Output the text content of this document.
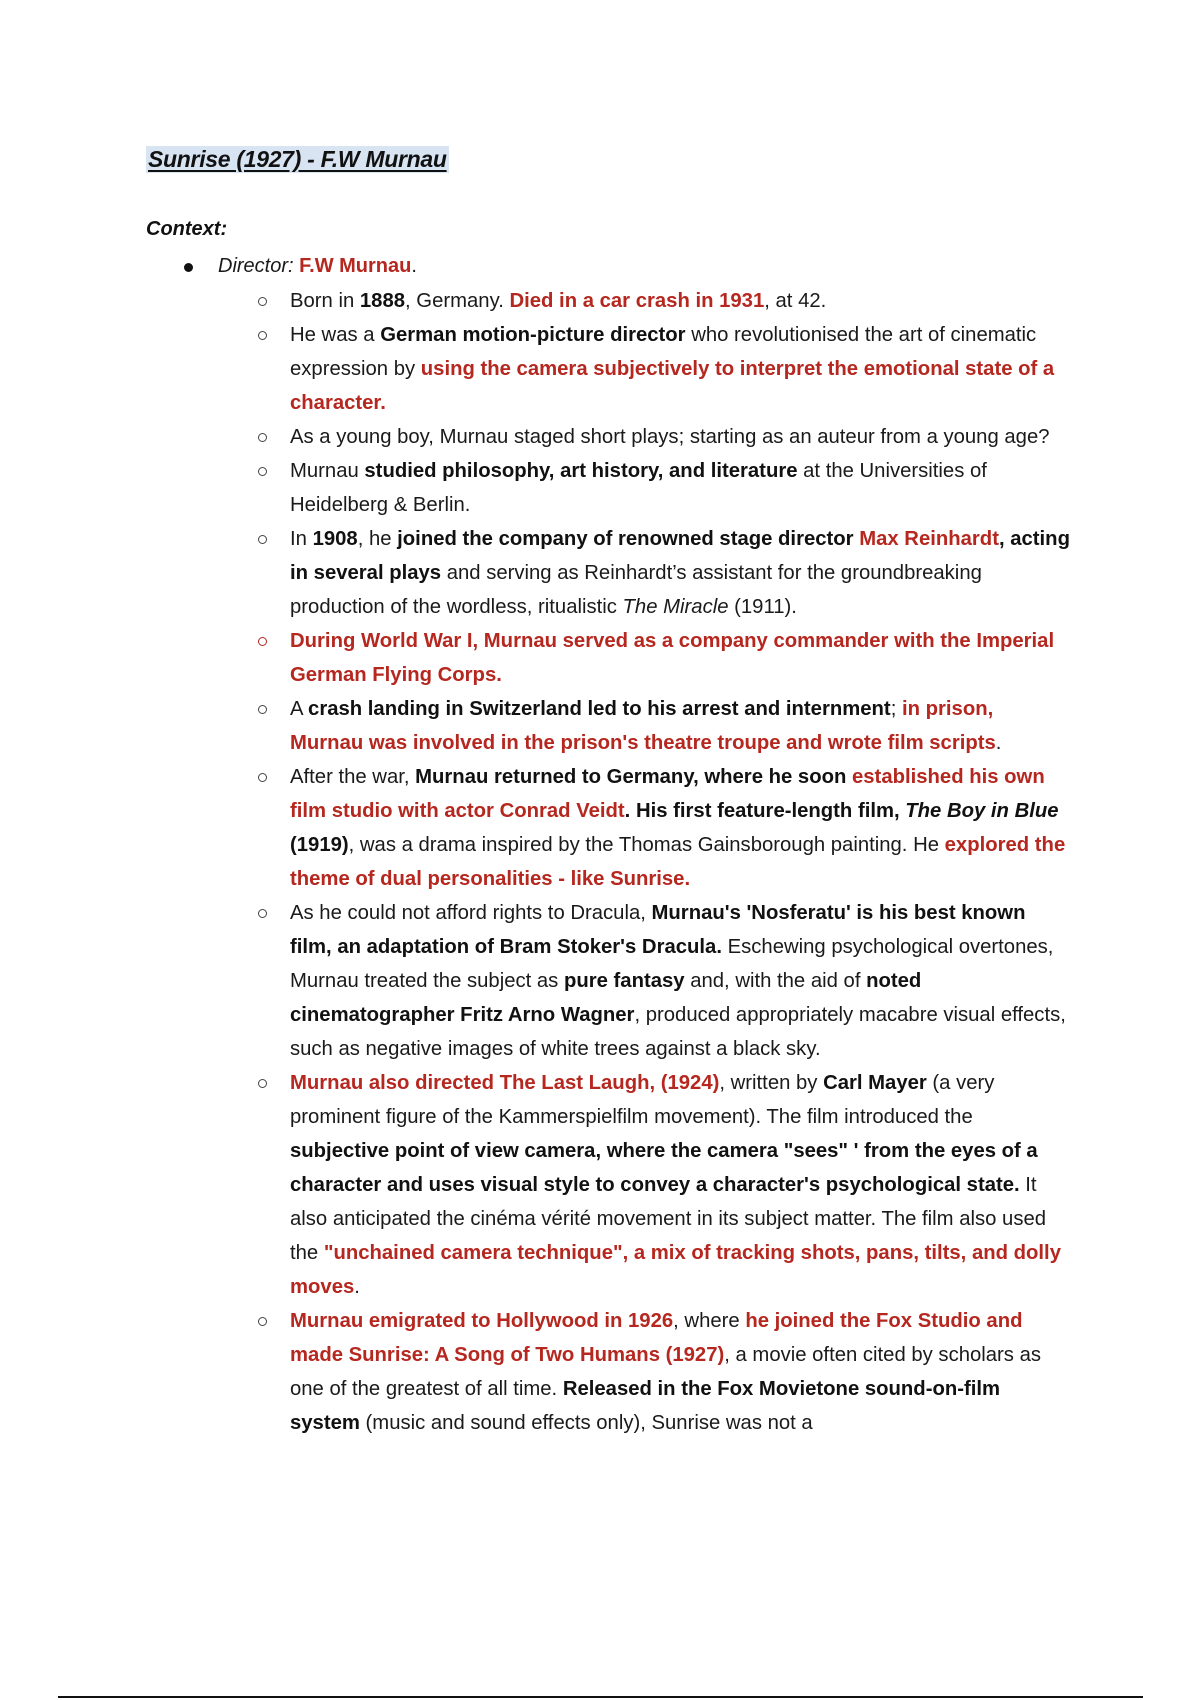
Sunrise (1927) - F.W Murnau
Context:
Director: F.W Murnau.

Born in 1888, Germany. Died in a car crash in 1931, at 42.

He was a German motion-picture director who revolutionised the art of cinematic expression by using the camera subjectively to interpret the emotional state of a character.

As a young boy, Murnau staged short plays; starting as an auteur from a young age?

Murnau studied philosophy, art history, and literature at the Universities of Heidelberg & Berlin.

In 1908, he joined the company of renowned stage director Max Reinhardt, acting in several plays and serving as Reinhardt’s assistant for the groundbreaking production of the wordless, ritualistic The Miracle (1911).

During World War I, Murnau served as a company commander with the Imperial German Flying Corps.

A crash landing in Switzerland led to his arrest and internment; in prison, Murnau was involved in the prison's theatre troupe and wrote film scripts.

After the war, Murnau returned to Germany, where he soon established his own film studio with actor Conrad Veidt. His first feature-length film, The Boy in Blue (1919), was a drama inspired by the Thomas Gainsborough painting. He explored the theme of dual personalities - like Sunrise.

As he could not afford rights to Dracula, Murnau's 'Nosferatu' is his best known film, an adaptation of Bram Stoker's Dracula. Eschewing psychological overtones, Murnau treated the subject as pure fantasy and, with the aid of noted cinematographer Fritz Arno Wagner, produced appropriately macabre visual effects, such as negative images of white trees against a black sky.

Murnau also directed The Last Laugh, (1924), written by Carl Mayer (a very prominent figure of the Kammerspielfilm movement). The film introduced the subjective point of view camera, where the camera "sees" ' from the eyes of a character and uses visual style to convey a character's psychological state. It also anticipated the cinéma vérité movement in its subject matter. The film also used the "unchained camera technique", a mix of tracking shots, pans, tilts, and dolly moves.

Murnau emigrated to Hollywood in 1926, where he joined the Fox Studio and made Sunrise: A Song of Two Humans (1927), a movie often cited by scholars as one of the greatest of all time. Released in the Fox Movietone sound-on-film system (music and sound effects only), Sunrise was not a
